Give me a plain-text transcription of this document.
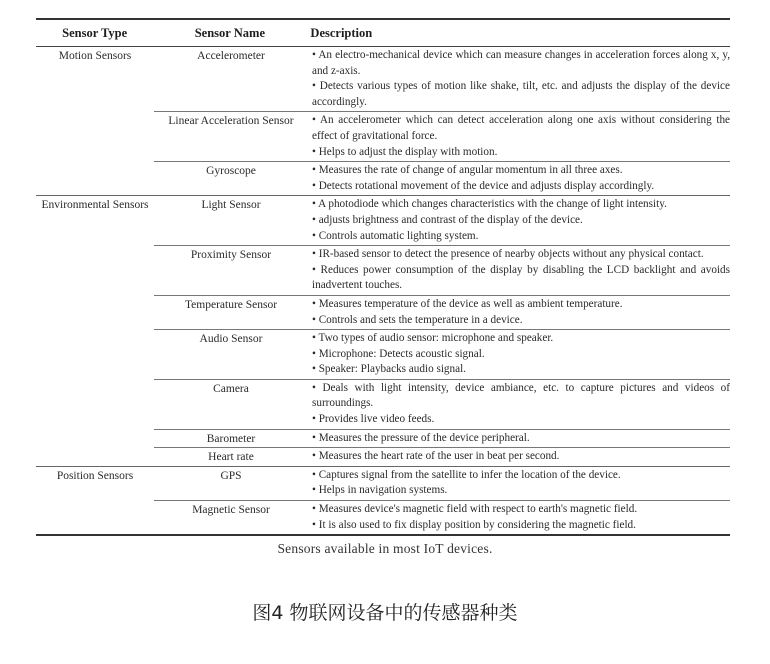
Sensor Type	Sensor Name	Description
Motion Sensors	Accelerometer	• An electro-mechanical device which can measure changes in acceleration forces along x, y, and z-axis.

• Detects various types of motion like shake, tilt, etc. and adjusts the display of the device accordingly.

Linear Acceleration Sensor	• An accelerometer which can detect acceleration along one axis without considering the effect of gravitational force.

• Helps to adjust the display with motion.

Gyroscope	• Measures the rate of change of angular momentum in all three axes.

• Detects rotational movement of the device and adjusts display accordingly.

Environmental Sensors	Light Sensor	• A photodiode which changes characteristics with the change of light intensity.

• adjusts brightness and contrast of the display of the device.

• Controls automatic lighting system.

Proximity Sensor	• IR-based sensor to detect the presence of nearby objects without any physical contact.

• Reduces power consumption of the display by disabling the LCD backlight and avoids inadvertent touches.

Temperature Sensor	• Measures temperature of the device as well as ambient temperature.

• Controls and sets the temperature in a device.

Audio Sensor	• Two types of audio sensor: microphone and speaker.

• Microphone: Detects acoustic signal.

• Speaker: Playbacks audio signal.

Camera	• Deals with light intensity, device ambiance, etc. to capture pictures and videos of surroundings.

• Provides live video feeds.

Barometer	• Measures the pressure of the device peripheral.

Heart rate	• Measures the heart rate of the user in beat per second.

Position Sensors	GPS	• Captures signal from the satellite to infer the location of the device.

• Helps in navigation systems.

Magnetic Sensor	• Measures device's magnetic field with respect to earth's magnetic field.

• It is also used to fix display position by considering the magnetic field.

Sensors available in most IoT devices.
图4 物联网设备中的传感器种类
